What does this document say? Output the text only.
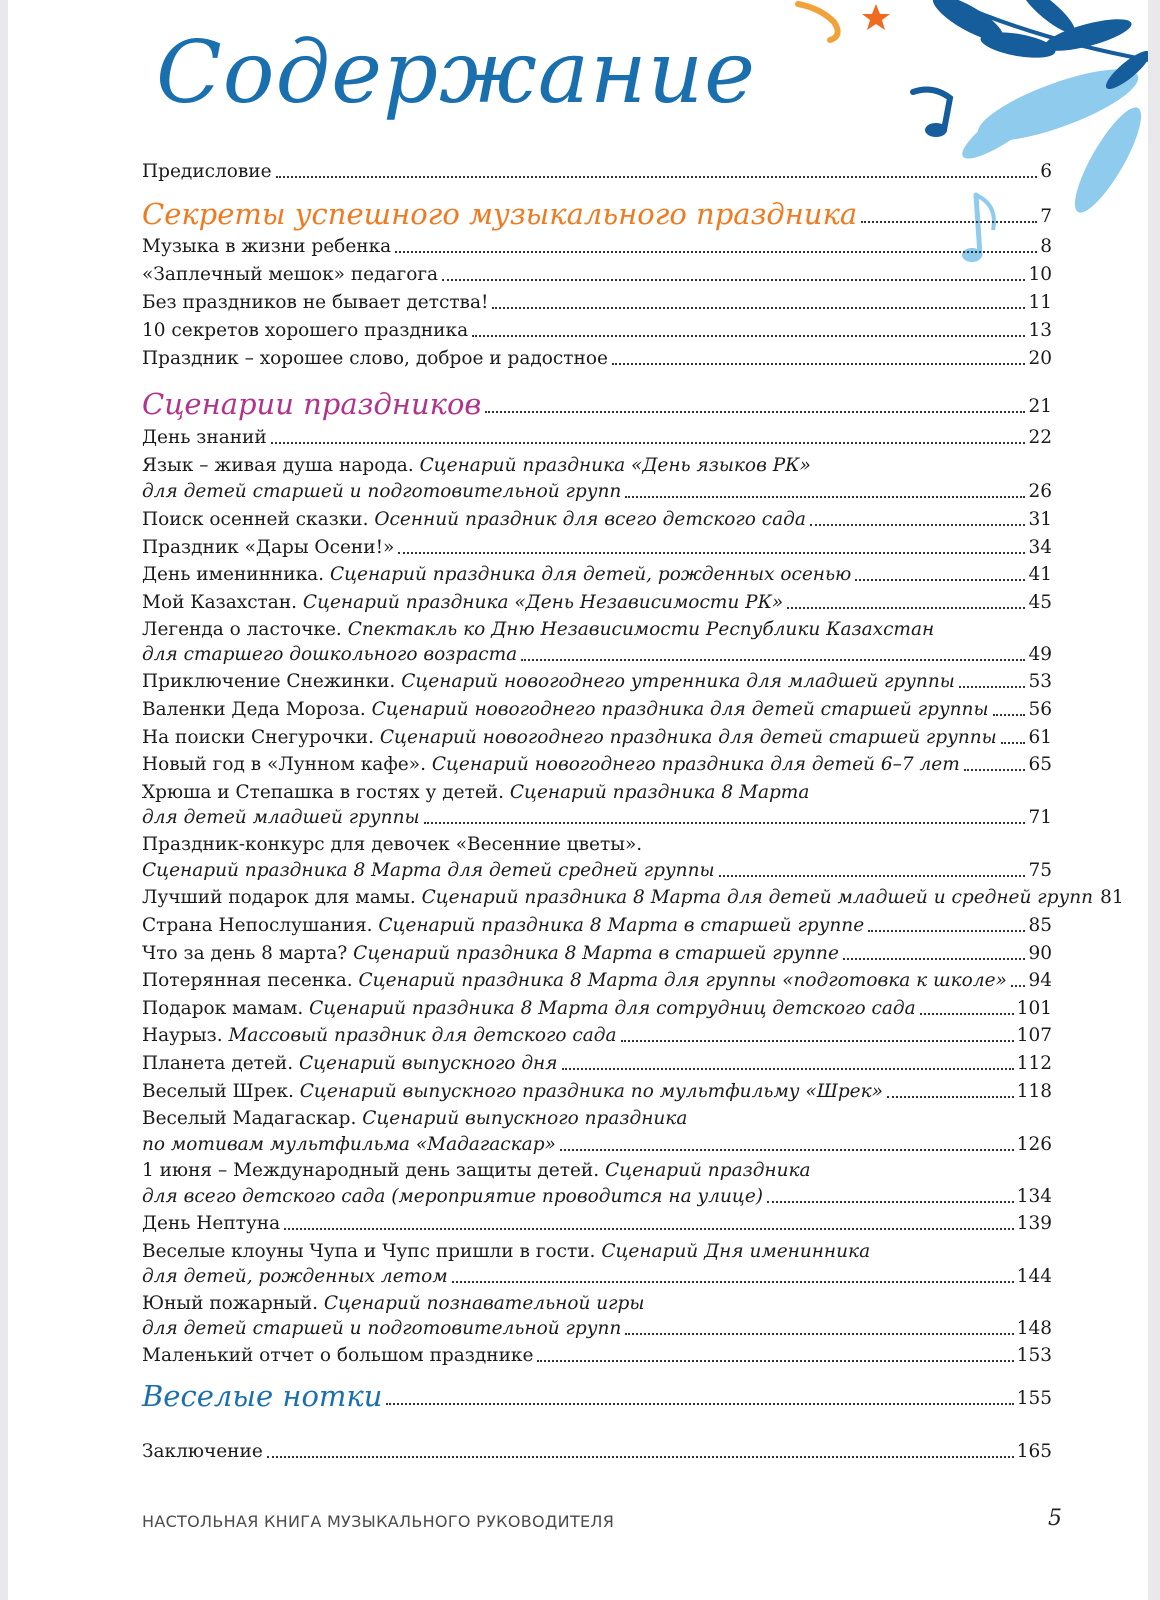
Содержание
Предисловие	6
Секреты успешного музыкального праздника	7
Музыка в жизни ребенка	8
«Заплечный мешок» педагога	10
Без праздников не бывает детства!	11
10 секретов хорошего праздника	13
Праздник – хорошее слово, доброе и радостное	20
Сценарии праздников	21
День знаний	22
Язык – живая душа народа. Сценарий праздника «День языков РК»
для детей старшей и подготовительной групп	26
Поиск осенней сказки. Осенний праздник для всего детского сада	31
Праздник «Дары Осени!»	34
День именинника. Сценарий праздника для детей, рожденных осенью	41
Мой Казахстан. Сценарий праздника «День Независимости РК»	45
Легенда о ласточке. Спектакль ко Дню Независимости Республики Казахстан
для старшего дошкольного возраста	49
Приключение Снежинки. Сценарий новогоднего утренника для младшей группы	53
Валенки Деда Мороза. Сценарий новогоднего праздника для детей старшей группы 56
На поиски Снегурочки. Сценарий новогоднего праздника для детей старшей группы 61
Новый год в «Лунном кафе». Сценарий новогоднего праздника для детей 6–7 лет	65
Хрюша и Степашка в гостях у детей. Сценарий праздника 8 Марта
для детей младшей группы	71
Праздник-конкурс для девочек «Весенние цветы».
Сценарий праздника 8 Марта для детей средней группы	75
Лучший подарок для мамы. Сценарий праздника 8 Марта для детей младшей и средней групп 81
Страна Непослушания. Сценарий праздника 8 Марта в старшей группе	85
Что за день 8 марта? Сценарий праздника 8 Марта в старшей группе	90
Потерянная песенка. Сценарий праздника 8 Марта для группы «подготовка к школе» 94
Подарок мамам. Сценарий праздника 8 Марта для сотрудниц детского сада	101
Наурыз. Массовый праздник для детского сада	107
Планета детей. Сценарий выпускного дня	112
Веселый Шрек. Сценарий выпускного праздника по мультфильму «Шрек»	118
Веселый Мадагаскар. Сценарий выпускного праздника
по мотивам мультфильма «Мадагаскар»	126
1 июня – Международный день защиты детей. Сценарий праздника
для всего детского сада (мероприятие проводится на улице)	134
День Нептуна	139
Веселые клоуны Чупа и Чупс пришли в гости. Сценарий Дня именинника
для детей, рожденных летом	144
Юный пожарный. Сценарий познавательной игры
для детей старшей и подготовительной групп	148
Маленький отчет о большом празднике	153
Веселые нотки	155
Заключение	165
НАСТОЛЬНАЯ КНИГА МУЗЫКАЛЬНОГО РУКОВОДИТЕЛЯ	5
